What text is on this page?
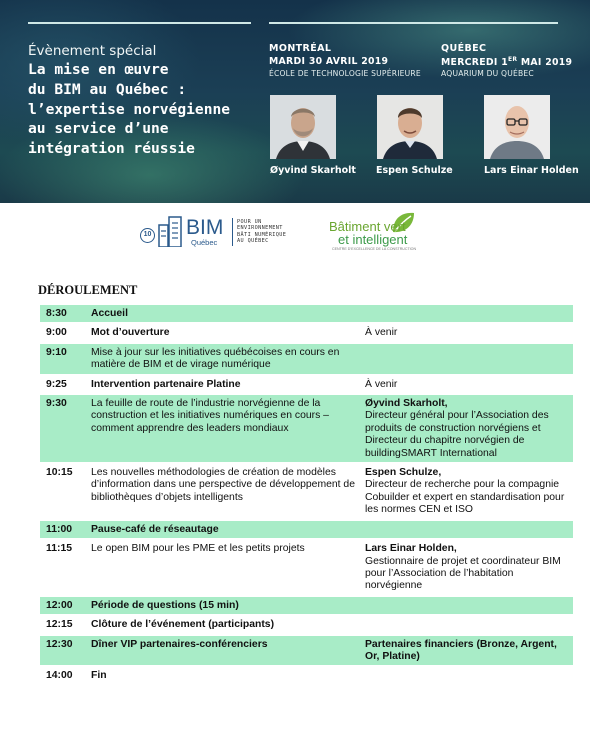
Évènement spécial
La mise en œuvre
du BIM au Québec :
l’expertise norvégienne
au service d’une
intégration réussie
MONTRÉAL
MARDI 30 AVRIL 2019
ÉCOLE DE TECHNOLOGIE SUPÉRIEURE
QUÉBEC
MERCREDI 1ER MAI 2019
AQUARIUM DU QUÉBEC
Øyvind Skarholt Espen Schulze	Lars Einar Holden
10 BIM
Québec
POUR UN
ENVIRONNEMENT
BÂTI NUMÉRIQUE
AU QUÉBEC
Bâtiment vert
et intelligent
CENTRE D’EXCELLENCE DE LA CONSTRUCTION
DÉROULEMENT
8:30	Accueil	
9:00	Mot d’ouverture	À venir
9:10	Mise à jour sur les initiatives québécoises en cours en matière de BIM et de virage numérique	
9:25	Intervention partenaire Platine	À venir
9:30	La feuille de route de l’industrie norvégienne de la construction et les initiatives numériques en cours – comment apprendre des leaders mondiaux	Øyvind Skarholt,
Directeur général pour l’Association des produits de construction norvégiens et Directeur du chapitre norvégien de buildingSMART International
10:15	Les nouvelles méthodologies de création de modèles d’information dans une perspective de développement de bibliothèques d’objets intelligents	Espen Schulze,
Directeur de recherche pour la compagnie Cobuilder et expert en standardisation pour les normes CEN et ISO
11:00	Pause-café de réseautage	
11:15	Le open BIM pour les PME et les petits projets	Lars Einar Holden,
Gestionnaire de projet et coordinateur BIM pour l’Association de l’habitation norvégienne
12:00	Période de questions (15 min)	
12:15	Clôture de l’événement (participants)	
12:30	Dîner VIP partenaires-conférenciers	Partenaires financiers (Bronze, Argent, Or, Platine)
14:00	Fin	
